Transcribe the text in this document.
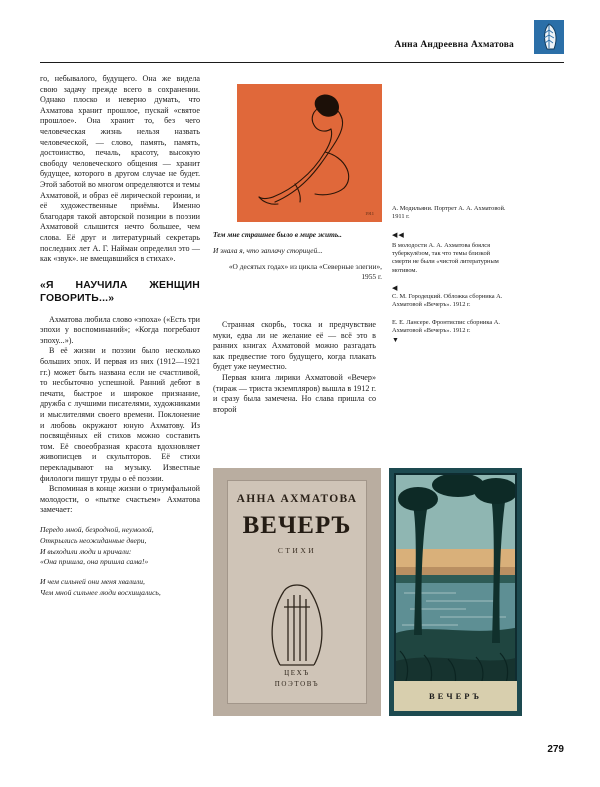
Анна Андреевна Ахматова

го, небывалого, будущего. Она же видела свою задачу прежде всего в сохранении. Однако плоско и неверно думать, что Ахматова хранит прошлое, пускай «святое прошлое». Она хранит то, без чего человеческая жизнь нельзя назвать человеческой, — слово, память, память, достоинство, печаль, красоту, высокую свободу человеческого общения — хранит будущее, которого в другом случае не будет. Этой заботой во многом определяются и темы Ахматовой, и образ её лирической героини, и её художественные приёмы. Именно благодаря такой авторской позиции в поэзии Ахматовой слышится нечто большее, чем слова. Её друг и литературный секретарь последних лет А. Г. Найман определил это — как «звук». не вмещавшийся в стихах».

«Я НАУЧИЛА ЖЕНЩИН ГОВОРИТЬ...»

Ахматова любила слово «эпоха» («Есть три эпохи у воспоминаний»; «Когда погребают эпоху...»).

В её жизни и поэзии было несколько больших эпох. И первая из них (1912—1921 гг.) может быть названа если не счастливой, то несбыточно успешной. Ранний дебют в печати, быстрое и широкое признание, дружба с лучшими писателями, художниками и мыслителями своего времени. Поклонение и любовь окружают юную Ахматову. Из посвящённых ей стихов можно составить том. Её своеобразная красота вдохновляет живописцев и скульпторов. Её стихи перекладывают на музыку. Известные филологи пишут труды о её поэзии.

Вспоминая в конце жизни о триумфальной молодости, о «пытке счастьем» Ахматова замечает:

Передо мной, безродной, неумолой,
Открылись неожиданные двери,
И выходили люди и кричали:
«Она пришла, она пришла сама!»
И чем сильней они меня хвалили,
Чем мной сильнее люди восхищались,
1911
Тем мне страшнее было в мире жить..
И знала я, что заплачу сторицей...
«О десятых годах» из цикла «Северные элегии», 1955 г.

Странная скорбь, тоска и предчувствие муки, едва ли не желание её — всё это в ранних книгах Ахматовой можно разгадать как предвестие того будущего, когда плакать будет уже неуместно.

Первая книга лирики Ахматовой «Вечер» (тираж — триста экземпляров) вышла в 1912 г. и сразу была замечена. Но слава пришла со второй

А. Модильяни. Портрет А. А. Ахматовой. 1911 г.
◀◀
В молодости А. А. Ахматова боялся туберкулёзом, так что темы близкой смерти не были «чистой литературным мотивом.
◀
С. М. Городецкий. Обложка сборника А. Ахматовой «Вечеръ». 1912 г.
Е. Е. Лансере. Фронтиспис сборника А. Ахматовой «Вечеръ». 1912 г.
▼
АННА АХМАТОВА
ВЕЧЕРЪ
СТИХИ
ЦЕХЪ
ПОЭТОВЪ
ВЕЧЕРЪ
279
